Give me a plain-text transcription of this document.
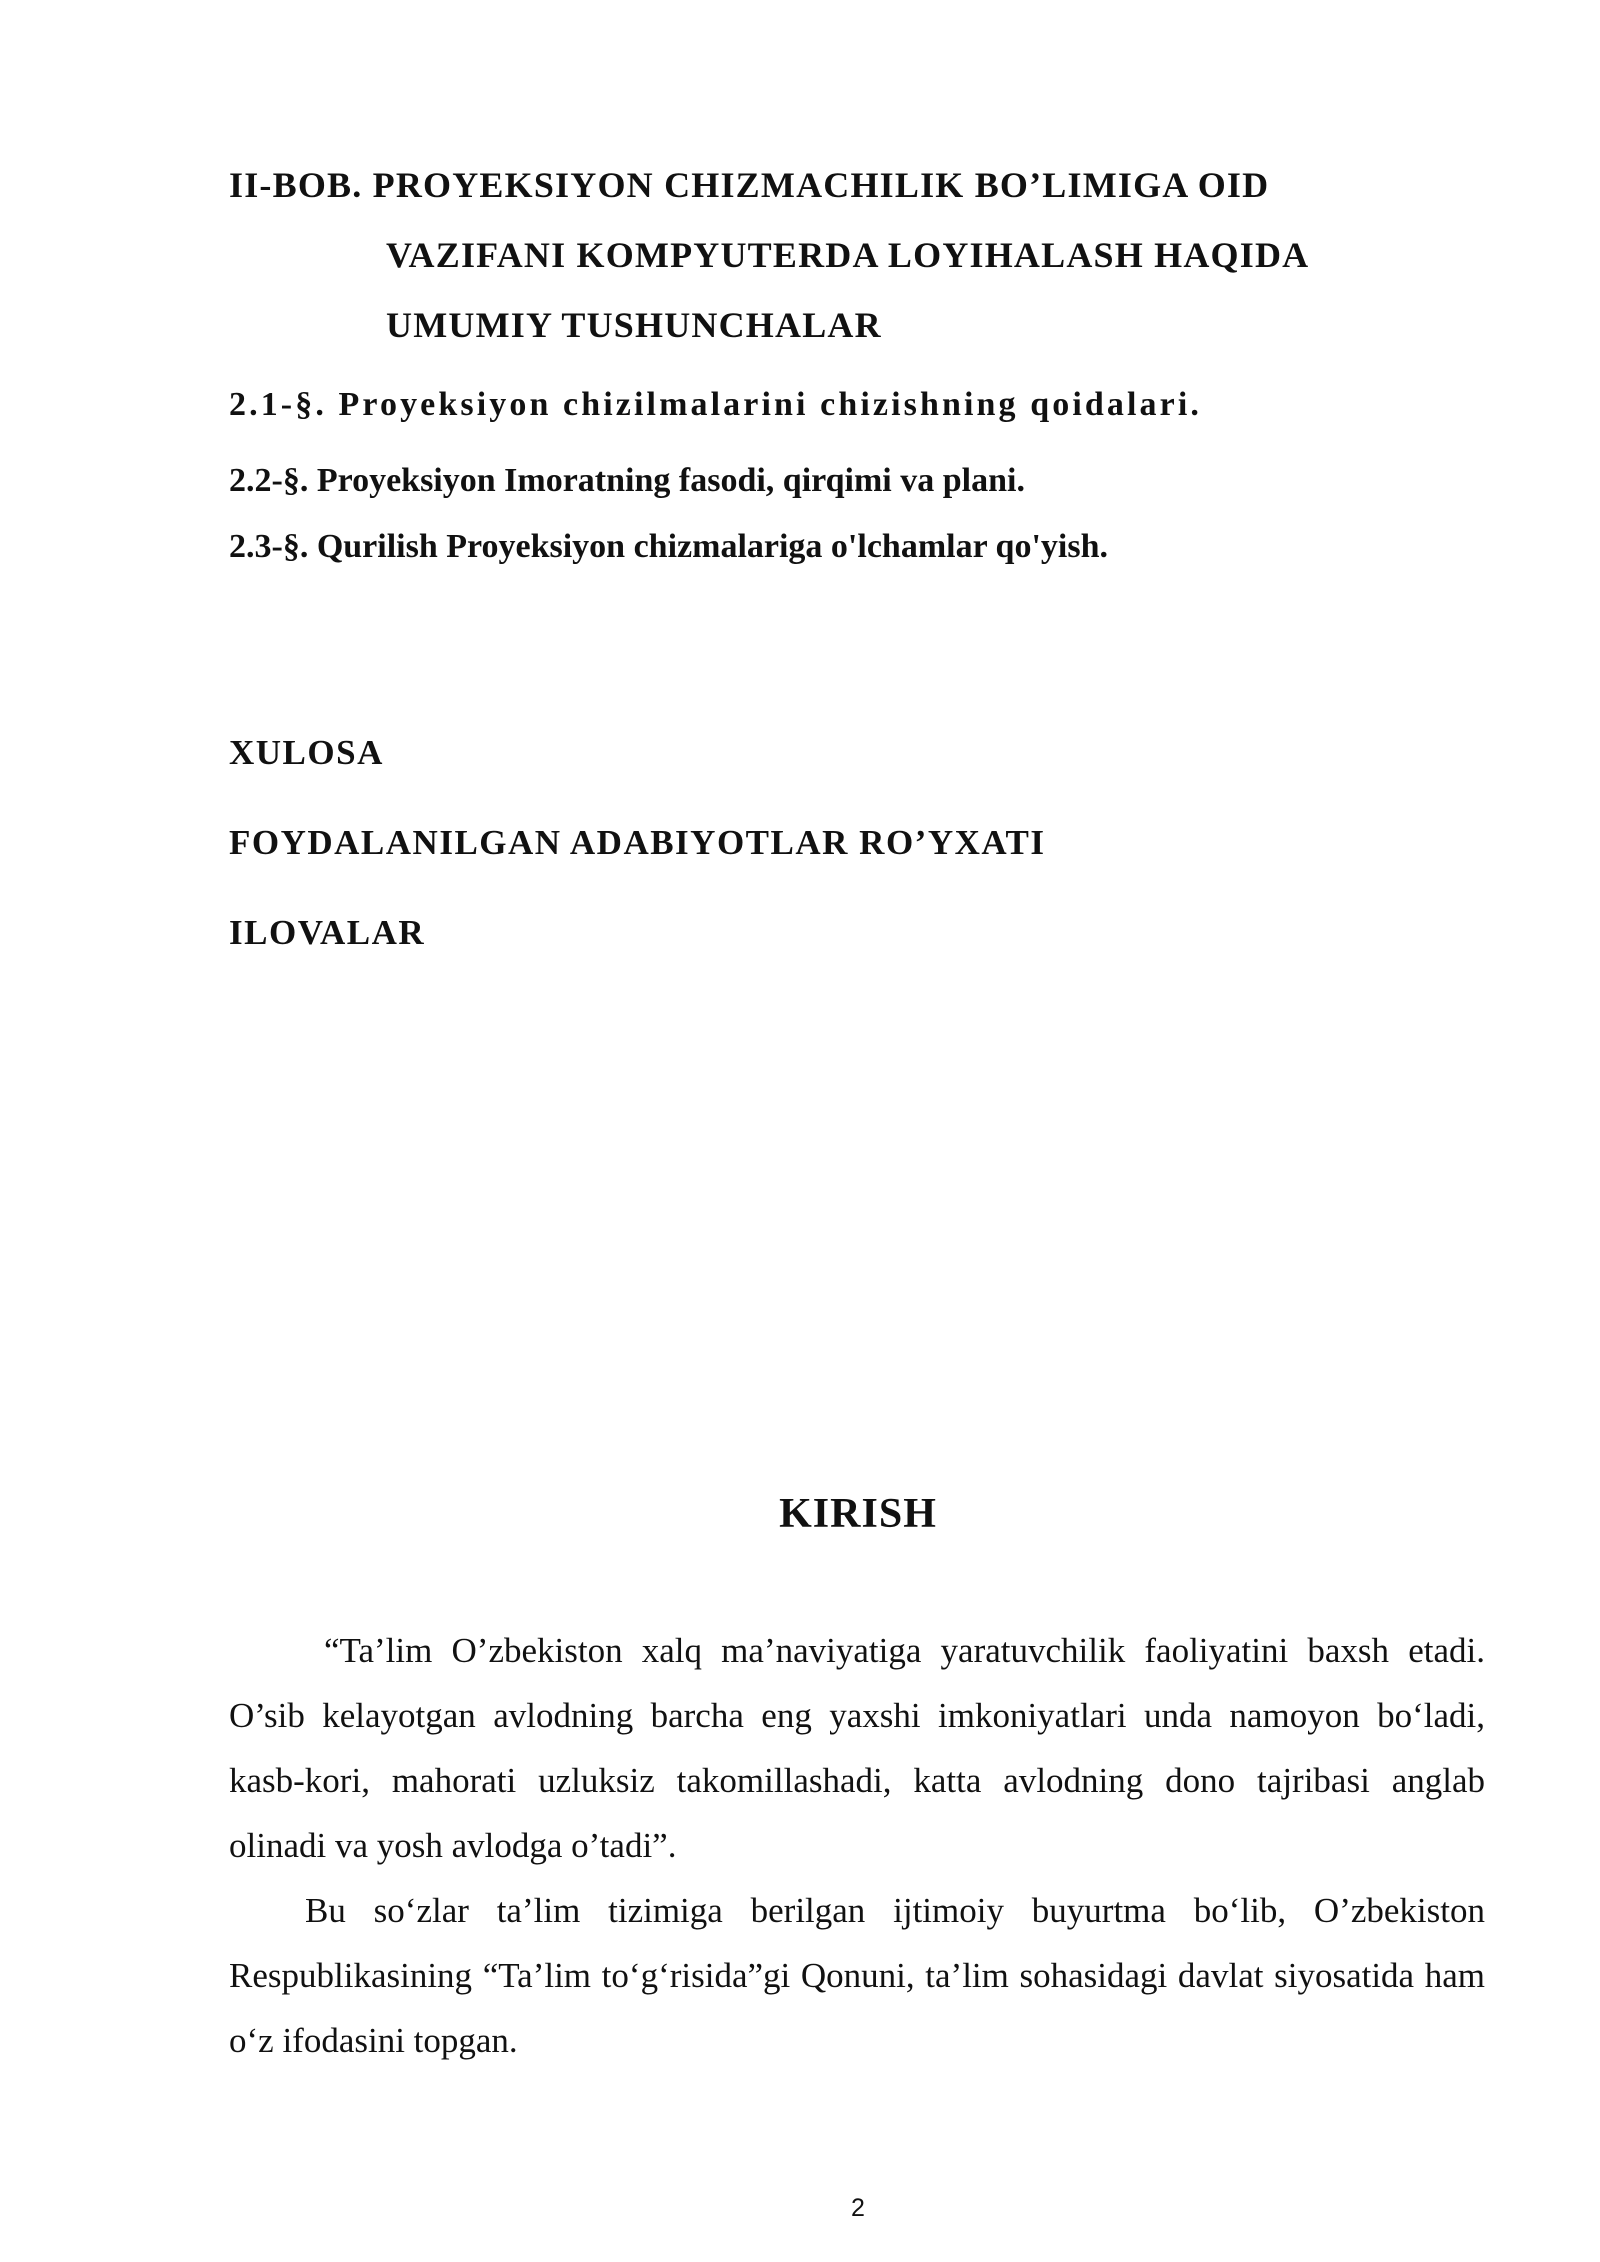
II-BOB. PROYEKSIYON CHIZMACHILIK BO’LIMIGA OID
VAZIFANI KOMPYUTERDA LOYIHALASH HAQIDA
UMUMIY TUSHUNCHALAR
2.1-§. Proyeksiyon chizilmalarini chizishning qoidalari.
2.2-§. Proyeksiyon Imoratning fasodi, qirqimi va plani.
2.3-§. Qurilish Proyeksiyon chizmalariga o'lchamlar qo'yish.
XULOSA
FOYDALANILGAN ADABIYOTLAR RO’YXATI
ILOVALAR
KIRISH

“Ta’lim O’zbekiston xalq ma’naviyatiga yaratuvchilik faoliyatini baxsh etadi. O’sib kelayotgan avlodning barcha eng yaxshi imkoniyatlari unda namoyon bo‘ladi, kasb-kori, mahorati uzluksiz takomillashadi, katta avlodning dono tajribasi anglab olinadi va yosh avlodga o’tadi”.

Bu so‘zlar ta’lim tizimiga berilgan ijtimoiy buyurtma bo‘lib, O’zbekiston Respublikasining “Ta’lim to‘g‘risida”gi Qonuni, ta’lim sohasidagi davlat siyosatida ham o‘z ifodasini topgan.

2
